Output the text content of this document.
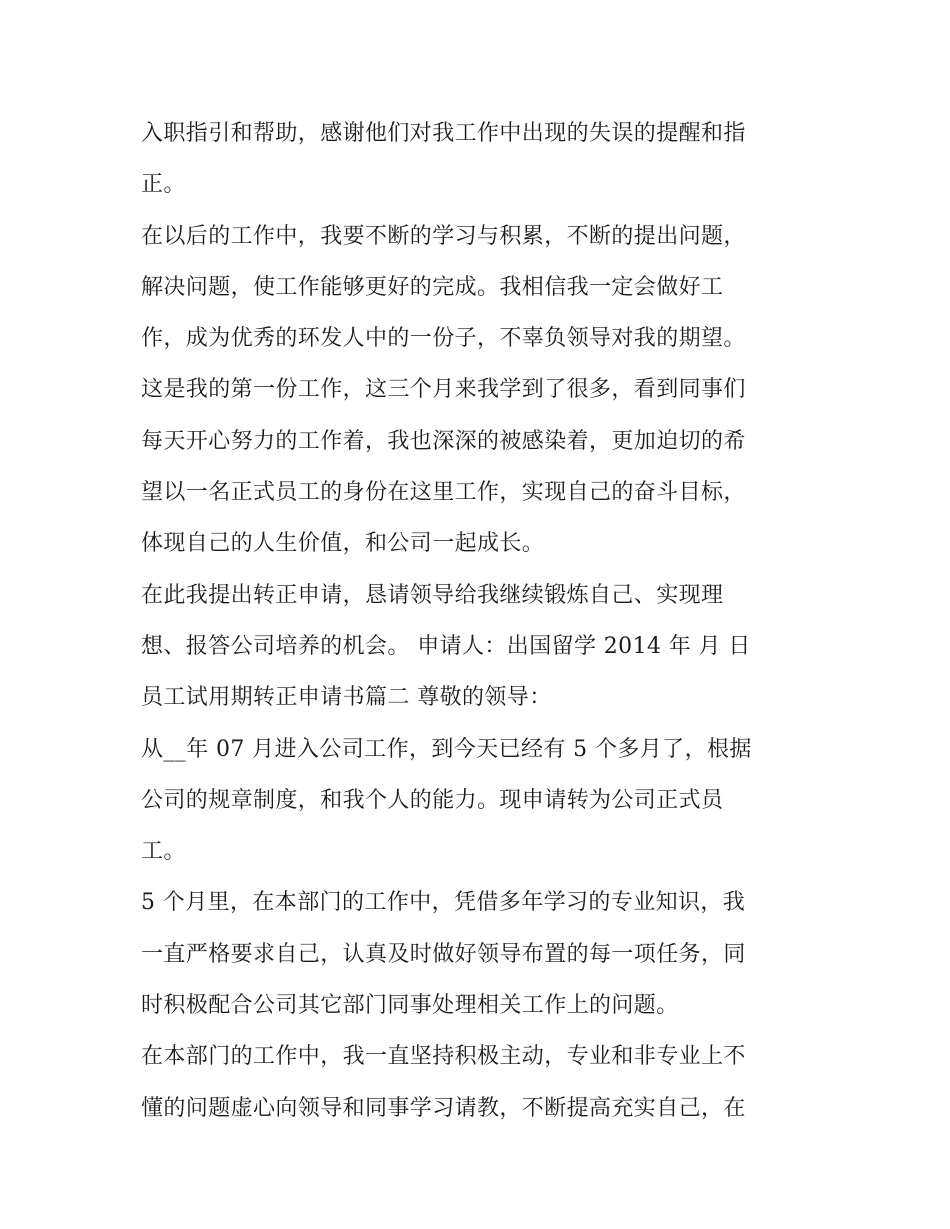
入职指引和帮助，感谢他们对我工作中出现的失误的提醒和指
正。
在以后的工作中，我要不断的学习与积累，不断的提出问题，
解决问题，使工作能够更好的完成。我相信我一定会做好工
作，成为优秀的环发人中的一份子，不辜负领导对我的期望。
这是我的第一份工作，这三个月来我学到了很多，看到同事们
每天开心努力的工作着，我也深深的被感染着，更加迫切的希
望以一名正式员工的身份在这里工作，实现自己的奋斗目标，
体现自己的人生价值，和公司一起成长。
在此我提出转正申请，恳请领导给我继续锻炼自己、实现理
想、报答公司培养的机会。 申请人：出国留学 2014 年 月 日
员工试用期转正申请书篇二 尊敬的领导：
从__年 07 月进入公司工作，到今天已经有 5 个多月了，根据
公司的规章制度，和我个人的能力。现申请转为公司正式员
工。
5 个月里，在本部门的工作中，凭借多年学习的专业知识，我
一直严格要求自己，认真及时做好领导布置的每一项任务，同
时积极配合公司其它部门同事处理相关工作上的问题。
在本部门的工作中，我一直坚持积极主动，专业和非专业上不
懂的问题虚心向领导和同事学习请教，不断提高充实自己，在
